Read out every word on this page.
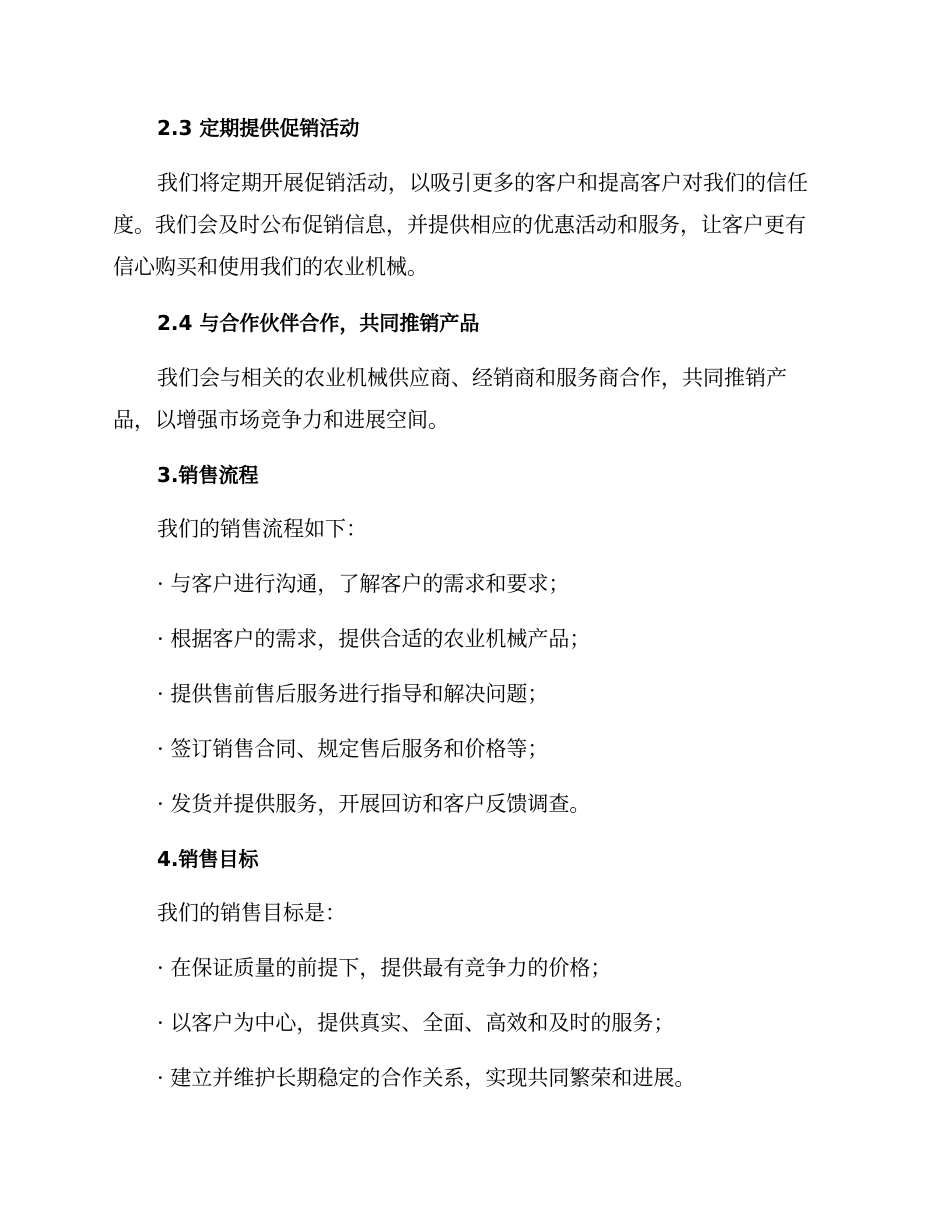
2.3 定期提供促销活动
我们将定期开展促销活动，以吸引更多的客户和提高客户对我们的信任
度。我们会及时公布促销信息，并提供相应的优惠活动和服务，让客户更有
信心购买和使用我们的农业机械。
2.4 与合作伙伴合作，共同推销产品
我们会与相关的农业机械供应商、经销商和服务商合作，共同推销产
品，以增强市场竞争力和进展空间。
3.销售流程
我们的销售流程如下：
· 与客户进行沟通，了解客户的需求和要求；
· 根据客户的需求，提供合适的农业机械产品；
· 提供售前售后服务进行指导和解决问题；
· 签订销售合同、规定售后服务和价格等；
· 发货并提供服务，开展回访和客户反馈调查。
4.销售目标
我们的销售目标是：
· 在保证质量的前提下，提供最有竞争力的价格；
· 以客户为中心，提供真实、全面、高效和及时的服务；
· 建立并维护长期稳定的合作关系，实现共同繁荣和进展。
